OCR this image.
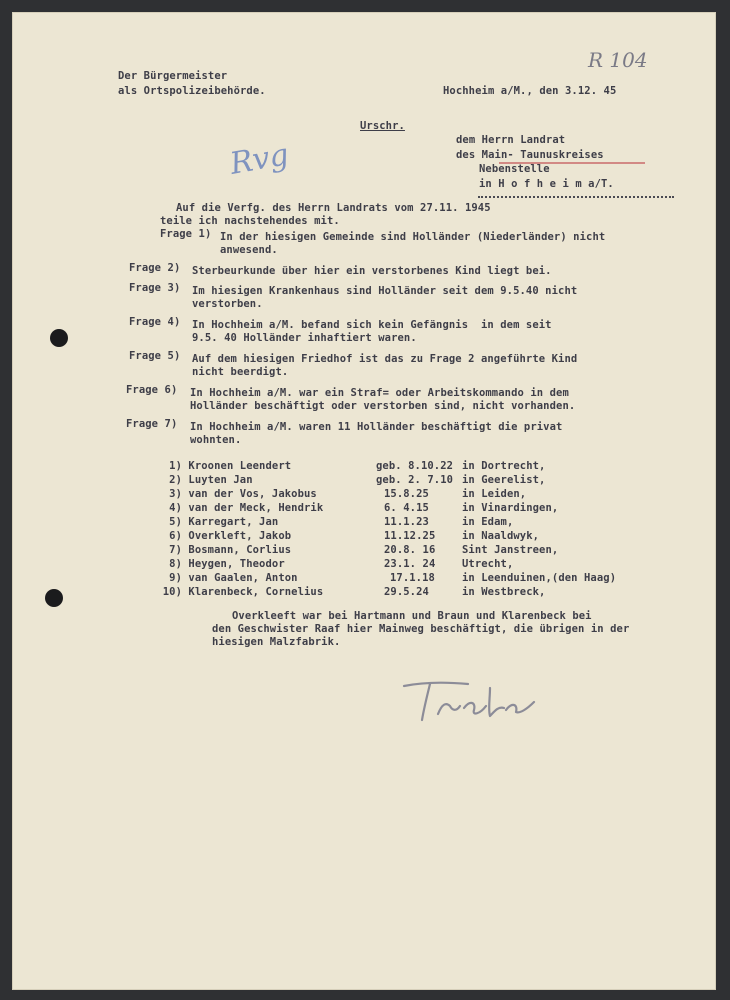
R 104
Rvg
Der Bürgermeister
als Ortspolizeibehörde.	Hochheim a/M., den 3.12. 45
Urschr.
dem Herrn Landrat
des Main- Taunuskreises
Nebenstelle
in H o f h e i m a/T.
Auf die Verfg. des Herrn Landrats vom 27.11. 1945
teile ich nachstehendes mit.
Frage 1) In der hiesigen Gemeinde sind Holländer (Niederländer) nicht
anwesend.
Frage 2) Sterbeurkunde über hier ein verstorbenes Kind liegt bei.
Frage 3) Im hiesigen Krankenhaus sind Holländer seit dem 9.5.40 nicht
verstorben.
Frage 4) In Hochheim a/M. befand sich kein Gefängnis  in dem seit
9.5. 40 Holländer inhaftiert waren.
Frage 5) Auf dem hiesigen Friedhof ist das zu Frage 2 angeführte Kind
nicht beerdigt.
Frage 6) In Hochheim a/M. war ein Straf= oder Arbeitskommando in dem
Holländer beschäftigt oder verstorben sind, nicht vorhanden.
Frage 7) In Hochheim a/M. waren 11 Holländer beschäftigt die privat
wohnten.
1) Kroonen Leendert	geb. 8.10.22 in Dortrecht,
2) Luyten Jan	geb. 2. 7.10 in Geerelist,
3) van der Vos, Jakobus	15.8.25	in Leiden,
4) van der Meck, Hendrik	6. 4.15	in Vinardingen,
5) Karregart, Jan	11.1.23	in Edam,
6) Overkleft, Jakob	11.12.25	in Naaldwyk,
7) Bosmann, Corlius	20.8. 16	Sint Janstreen,
8) Heygen, Theodor	23.1. 24	Utrecht,
9) van Gaalen, Anton	17.1.18	in Leenduinen,(den Haag)
10) Klarenbeck, Cornelius	29.5.24	in Westbreck,
Overkleeft war bei Hartmann und Braun und Klarenbeck bei
den Geschwister Raaf hier Mainweg beschäftigt, die übrigen in der
hiesigen Malzfabrik.
